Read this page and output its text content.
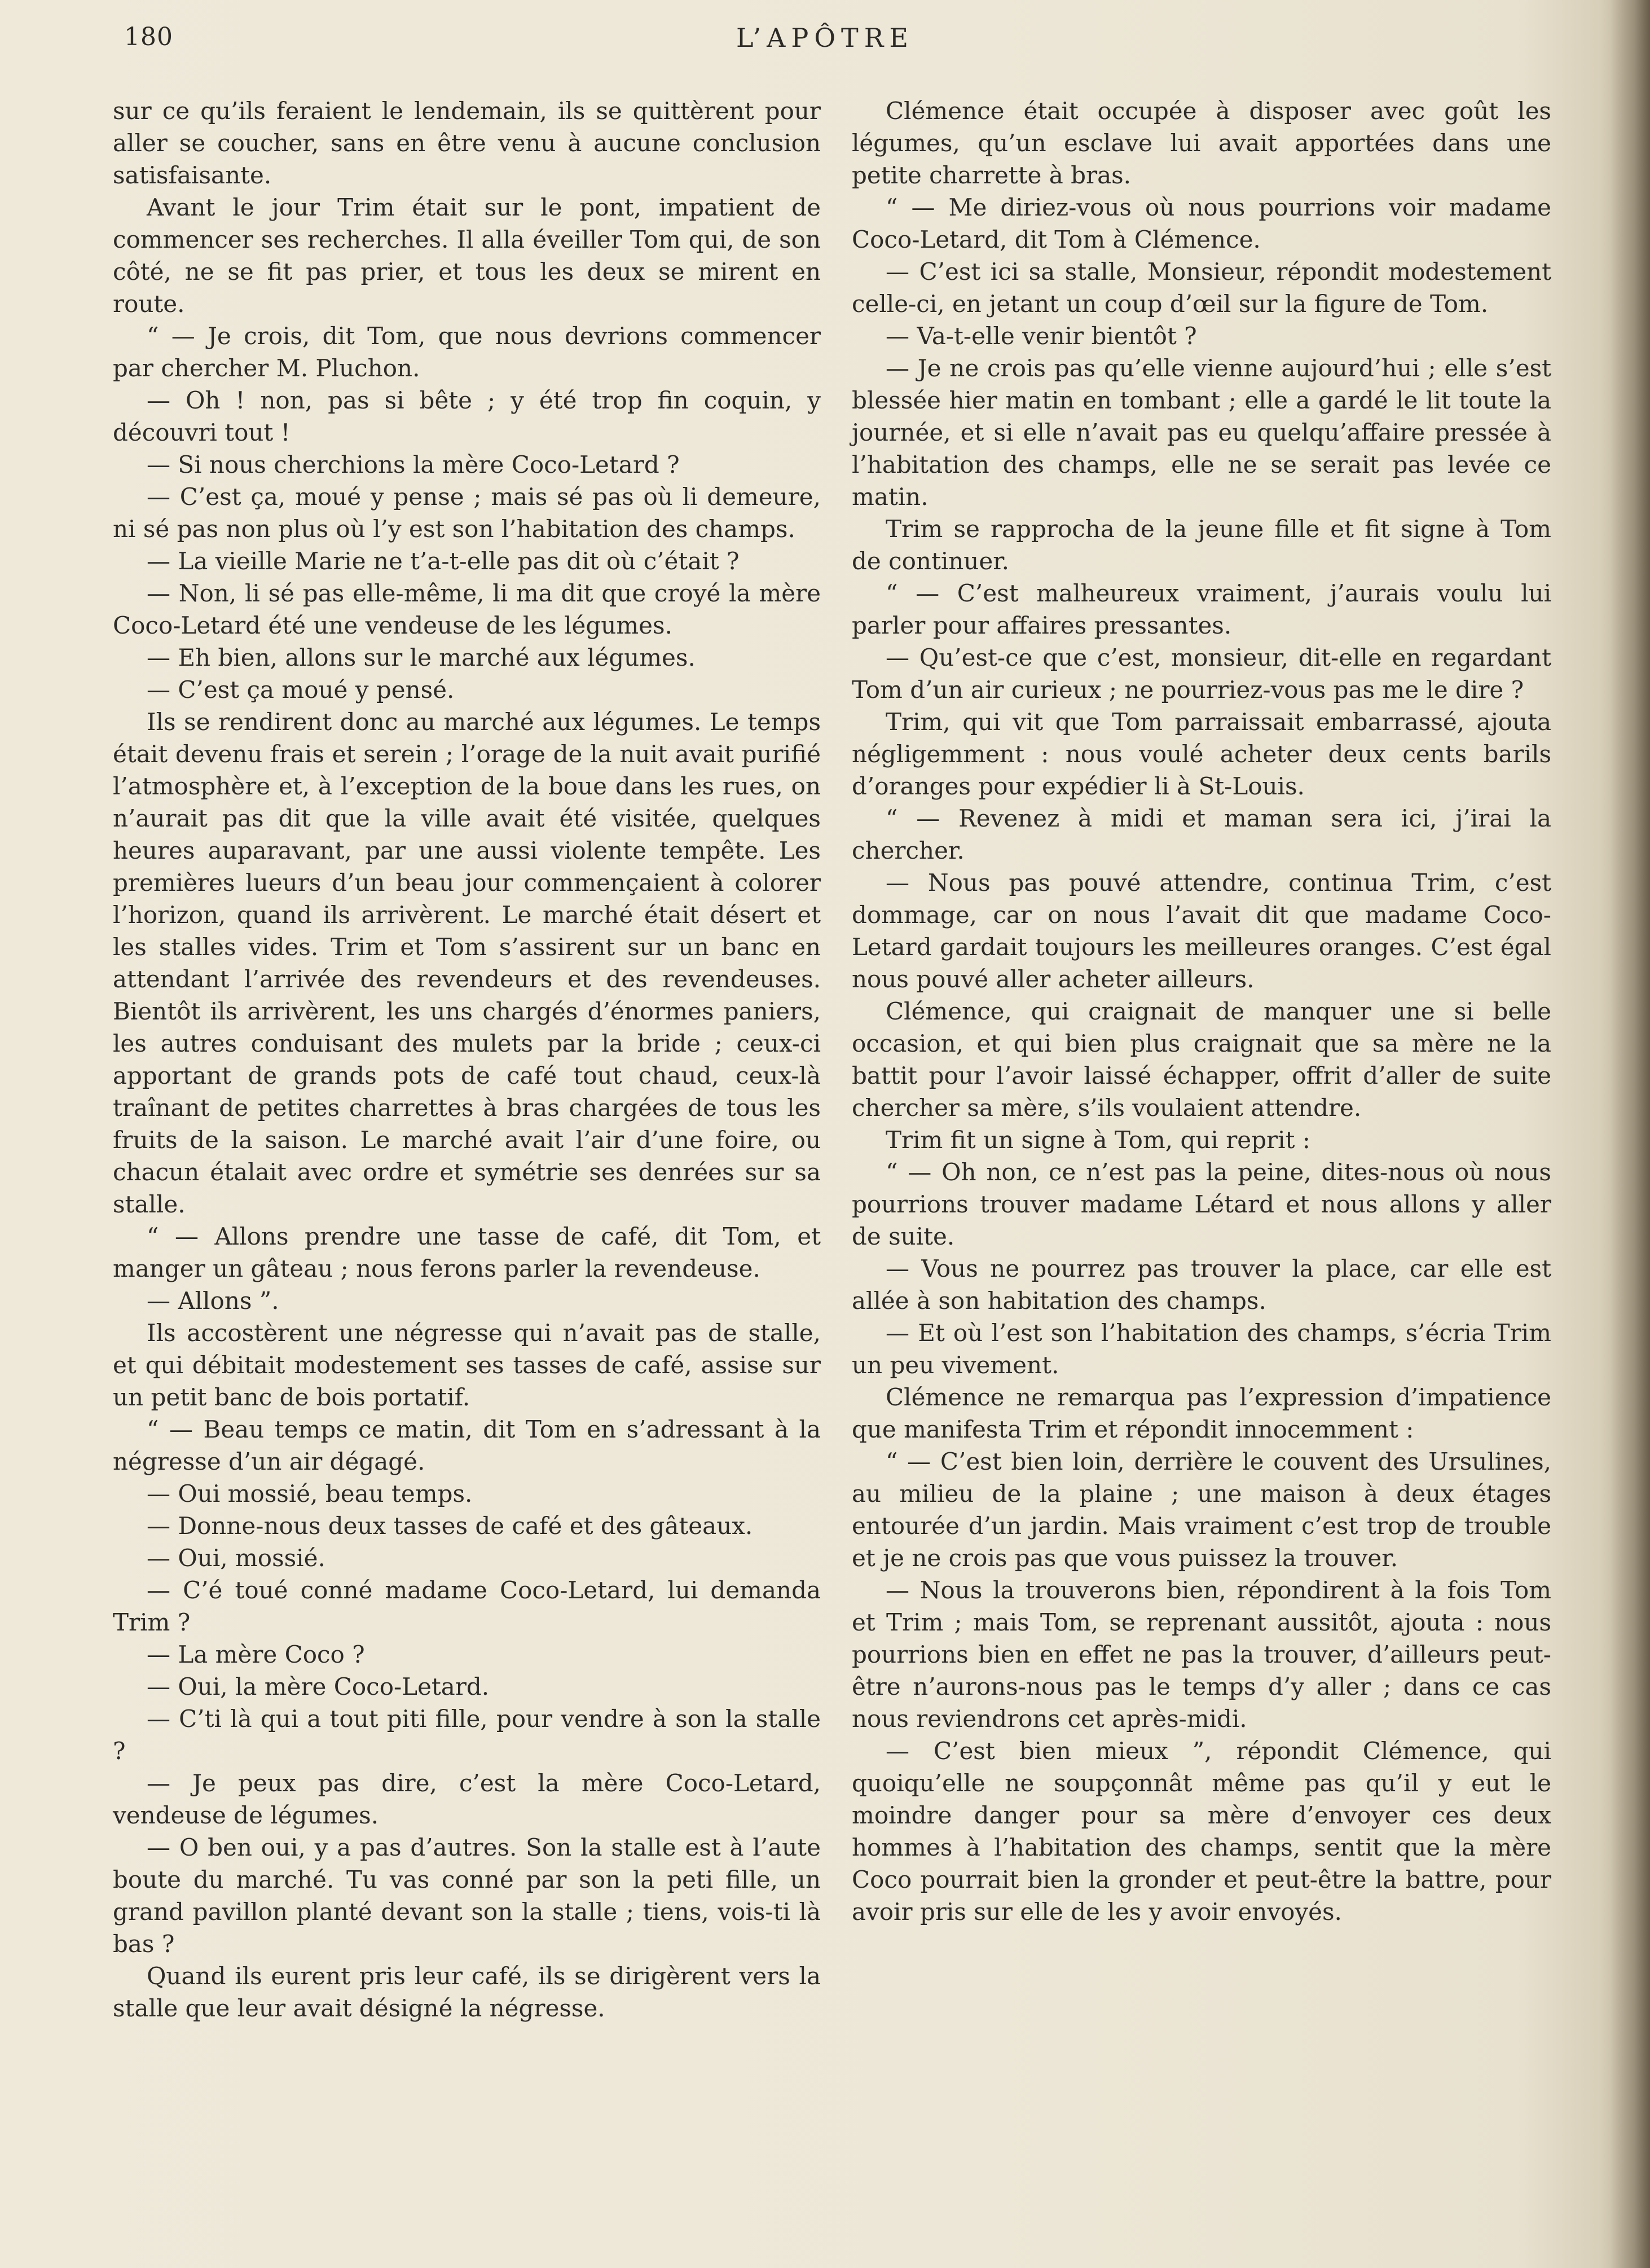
180	L’APÔTRE

sur ce qu’ils feraient le lendemain, ils se quittèrent pour aller se coucher, sans en être venu à aucune conclusion satisfaisante.

Avant le jour Trim était sur le pont, impatient de commencer ses recherches. Il alla éveiller Tom qui, de son côté, ne se fit pas prier, et tous les deux se mirent en route.

“ — Je crois, dit Tom, que nous devrions commencer par chercher M. Pluchon.

— Oh ! non, pas si bête ; y été trop fin coquin, y découvri tout !

— Si nous cherchions la mère Coco-Letard ?

— C’est ça, moué y pense ; mais sé pas où li demeure, ni sé pas non plus où l’y est son l’habitation des champs.

— La vieille Marie ne t’a-t-elle pas dit où c’était ?

— Non, li sé pas elle-même, li ma dit que croyé la mère Coco-Letard été une vendeuse de les légumes.

— Eh bien, allons sur le marché aux légumes.

— C’est ça moué y pensé.

Ils se rendirent donc au marché aux légumes. Le temps était devenu frais et serein ; l’orage de la nuit avait purifié l’atmosphère et, à l’exception de la boue dans les rues, on n’aurait pas dit que la ville avait été visitée, quelques heures auparavant, par une aussi violente tempête. Les premières lueurs d’un beau jour commençaient à colorer l’horizon, quand ils arrivèrent. Le marché était désert et les stalles vides. Trim et Tom s’assirent sur un banc en attendant l’arrivée des revendeurs et des revendeuses. Bientôt ils arrivèrent, les uns chargés d’énormes paniers, les autres conduisant des mulets par la bride ; ceux-ci apportant de grands pots de café tout chaud, ceux-là traînant de petites charrettes à bras chargées de tous les fruits de la saison. Le marché avait l’air d’une foire, ou chacun étalait avec ordre et symétrie ses denrées sur sa stalle.

“ — Allons prendre une tasse de café, dit Tom, et manger un gâteau ; nous ferons parler la revendeuse.

— Allons ”.

Ils accostèrent une négresse qui n’avait pas de stalle, et qui débitait modestement ses tasses de café, assise sur un petit banc de bois portatif.

“ — Beau temps ce matin, dit Tom en s’adressant à la négresse d’un air dégagé.

— Oui mossié, beau temps.

— Donne-nous deux tasses de café et des gâteaux.

— Oui, mossié.

— C’é toué conné madame Coco-Letard, lui demanda Trim ?

— La mère Coco ?

— Oui, la mère Coco-Letard.

— C’ti là qui a tout piti fille, pour vendre à son la stalle ?

— Je peux pas dire, c’est la mère Coco-Letard, vendeuse de légumes.

— O ben oui, y a pas d’autres. Son la stalle est à l’aute boute du marché. Tu vas conné par son la peti fille, un grand pavillon planté devant son la stalle ; tiens, vois-ti là bas ?

Quand ils eurent pris leur café, ils se dirigèrent vers la stalle que leur avait désigné la négresse.

Clémence était occupée à disposer avec goût les légumes, qu’un esclave lui avait apportées dans une petite charrette à bras.

“ — Me diriez-vous où nous pourrions voir madame Coco-Letard, dit Tom à Clémence.

— C’est ici sa stalle, Monsieur, répondit modestement celle-ci, en jetant un coup d’œil sur la figure de Tom.

— Va-t-elle venir bientôt ?

— Je ne crois pas qu’elle vienne aujourd’hui ; elle s’est blessée hier matin en tombant ; elle a gardé le lit toute la journée, et si elle n’avait pas eu quelqu’affaire pressée à l’habitation des champs, elle ne se serait pas levée ce matin.

Trim se rapprocha de la jeune fille et fit signe à Tom de continuer.

“ — C’est malheureux vraiment, j’aurais voulu lui parler pour affaires pressantes.

— Qu’est-ce que c’est, monsieur, dit-elle en regardant Tom d’un air curieux ; ne pourriez-vous pas me le dire ?

Trim, qui vit que Tom parraissait embarrassé, ajouta négligemment : nous voulé acheter deux cents barils d’oranges pour expédier li à St-Louis.

“ — Revenez à midi et maman sera ici, j’irai la chercher.

— Nous pas pouvé attendre, continua Trim, c’est dommage, car on nous l’avait dit que madame Coco-Letard gardait toujours les meilleures oranges. C’est égal nous pouvé aller acheter ailleurs.

Clémence, qui craignait de manquer une si belle occasion, et qui bien plus craignait que sa mère ne la battit pour l’avoir laissé échapper, offrit d’aller de suite chercher sa mère, s’ils voulaient attendre.

Trim fit un signe à Tom, qui reprit :

“ — Oh non, ce n’est pas la peine, dites-nous où nous pourrions trouver madame Létard et nous allons y aller de suite.

— Vous ne pourrez pas trouver la place, car elle est allée à son habitation des champs.

— Et où l’est son l’habitation des champs, s’écria Trim un peu vivement.

Clémence ne remarqua pas l’expression d’impatience que manifesta Trim et répondit innocemment :

“ — C’est bien loin, derrière le couvent des Ursulines, au milieu de la plaine ; une maison à deux étages entourée d’un jardin. Mais vraiment c’est trop de trouble et je ne crois pas que vous puissez la trouver.

— Nous la trouverons bien, répondirent à la fois Tom et Trim ; mais Tom, se reprenant aussitôt, ajouta : nous pourrions bien en effet ne pas la trouver, d’ailleurs peut-être n’aurons-nous pas le temps d’y aller ; dans ce cas nous reviendrons cet après-midi.

— C’est bien mieux ”, répondit Clémence, qui quoiqu’elle ne soupçonnât même pas qu’il y eut le moindre danger pour sa mère d’envoyer ces deux hommes à l’habitation des champs, sentit que la mère Coco pourrait bien la gronder et peut-être la battre, pour avoir pris sur elle de les y avoir envoyés.
